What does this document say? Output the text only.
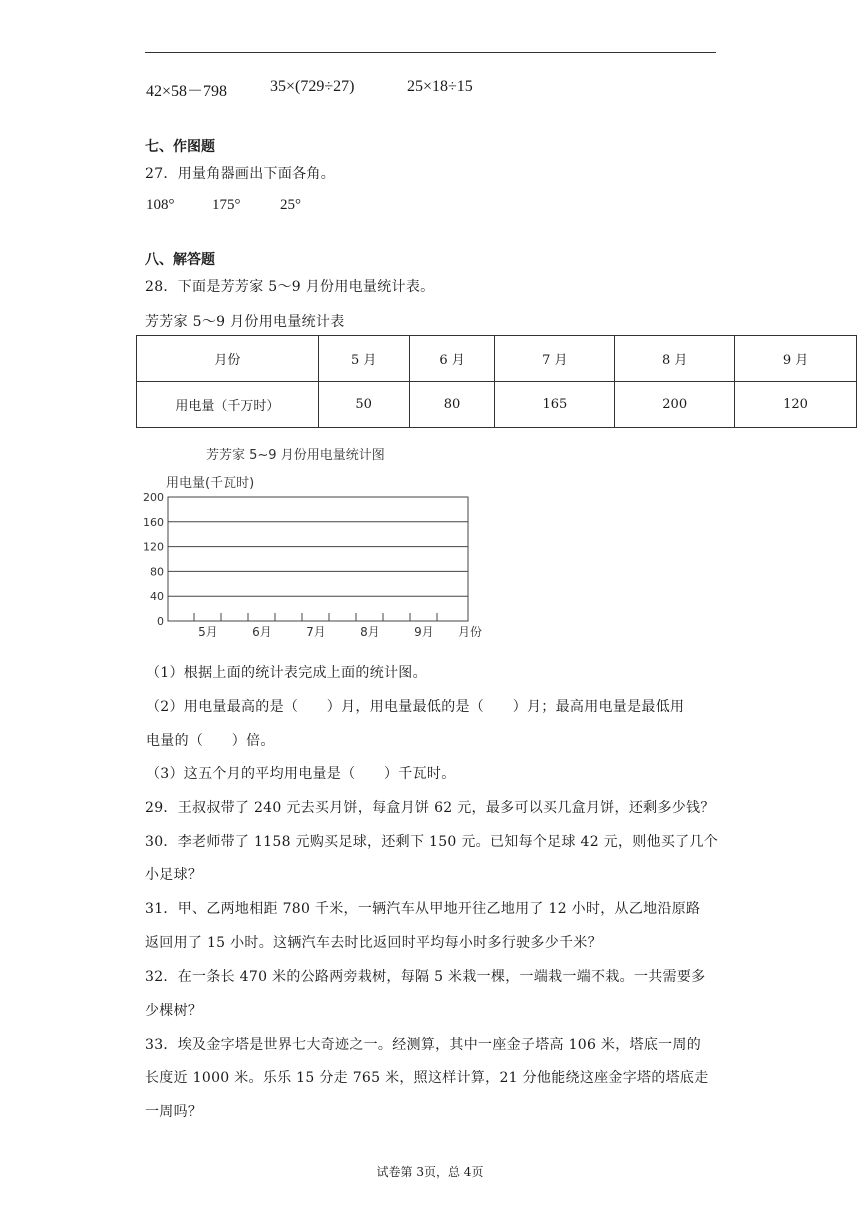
42×58－798	35×(729÷27)	25×18÷15
七、作图题
27．用量角器画出下面各角。
108°	175°	25°
八、解答题
28．下面是芳芳家 5～9 月份用电量统计表。
芳芳家 5～9 月份用电量统计表
月份	5 月	6 月	7 月	8 月	9 月
用电量（千万时）	50	80	165	200	120
芳芳家 5~9 月份用电量统计图
用电量(千瓦时)
0
40
80
120
160
200
5月	6月	7月	8月	9月 月份
（1）根据上面的统计表完成上面的统计图。
（2）用电量最高的是（　　）月，用电量最低的是（　　）月；最高用电量是最低用
电量的（　　）倍。
（3）这五个月的平均用电量是（　　）千瓦时。
29．王叔叔带了 240 元去买月饼，每盒月饼 62 元，最多可以买几盒月饼，还剩多少钱？
30．李老师带了 1158 元购买足球，还剩下 150 元。已知每个足球 42 元，则他买了几个
小足球？
31．甲、乙两地相距 780 千米，一辆汽车从甲地开往乙地用了 12 小时，从乙地沿原路
返回用了 15 小时。这辆汽车去时比返回时平均每小时多行驶多少千米？
32．在一条长 470 米的公路两旁栽树，每隔 5 米栽一棵，一端栽一端不栽。一共需要多
少棵树？
33．埃及金字塔是世界七大奇迹之一。经测算，其中一座金子塔高 106 米，塔底一周的
长度近 1000 米。乐乐 15 分走 765 米，照这样计算，21 分他能绕这座金字塔的塔底走
一周吗？
试卷第 3页，总 4页
